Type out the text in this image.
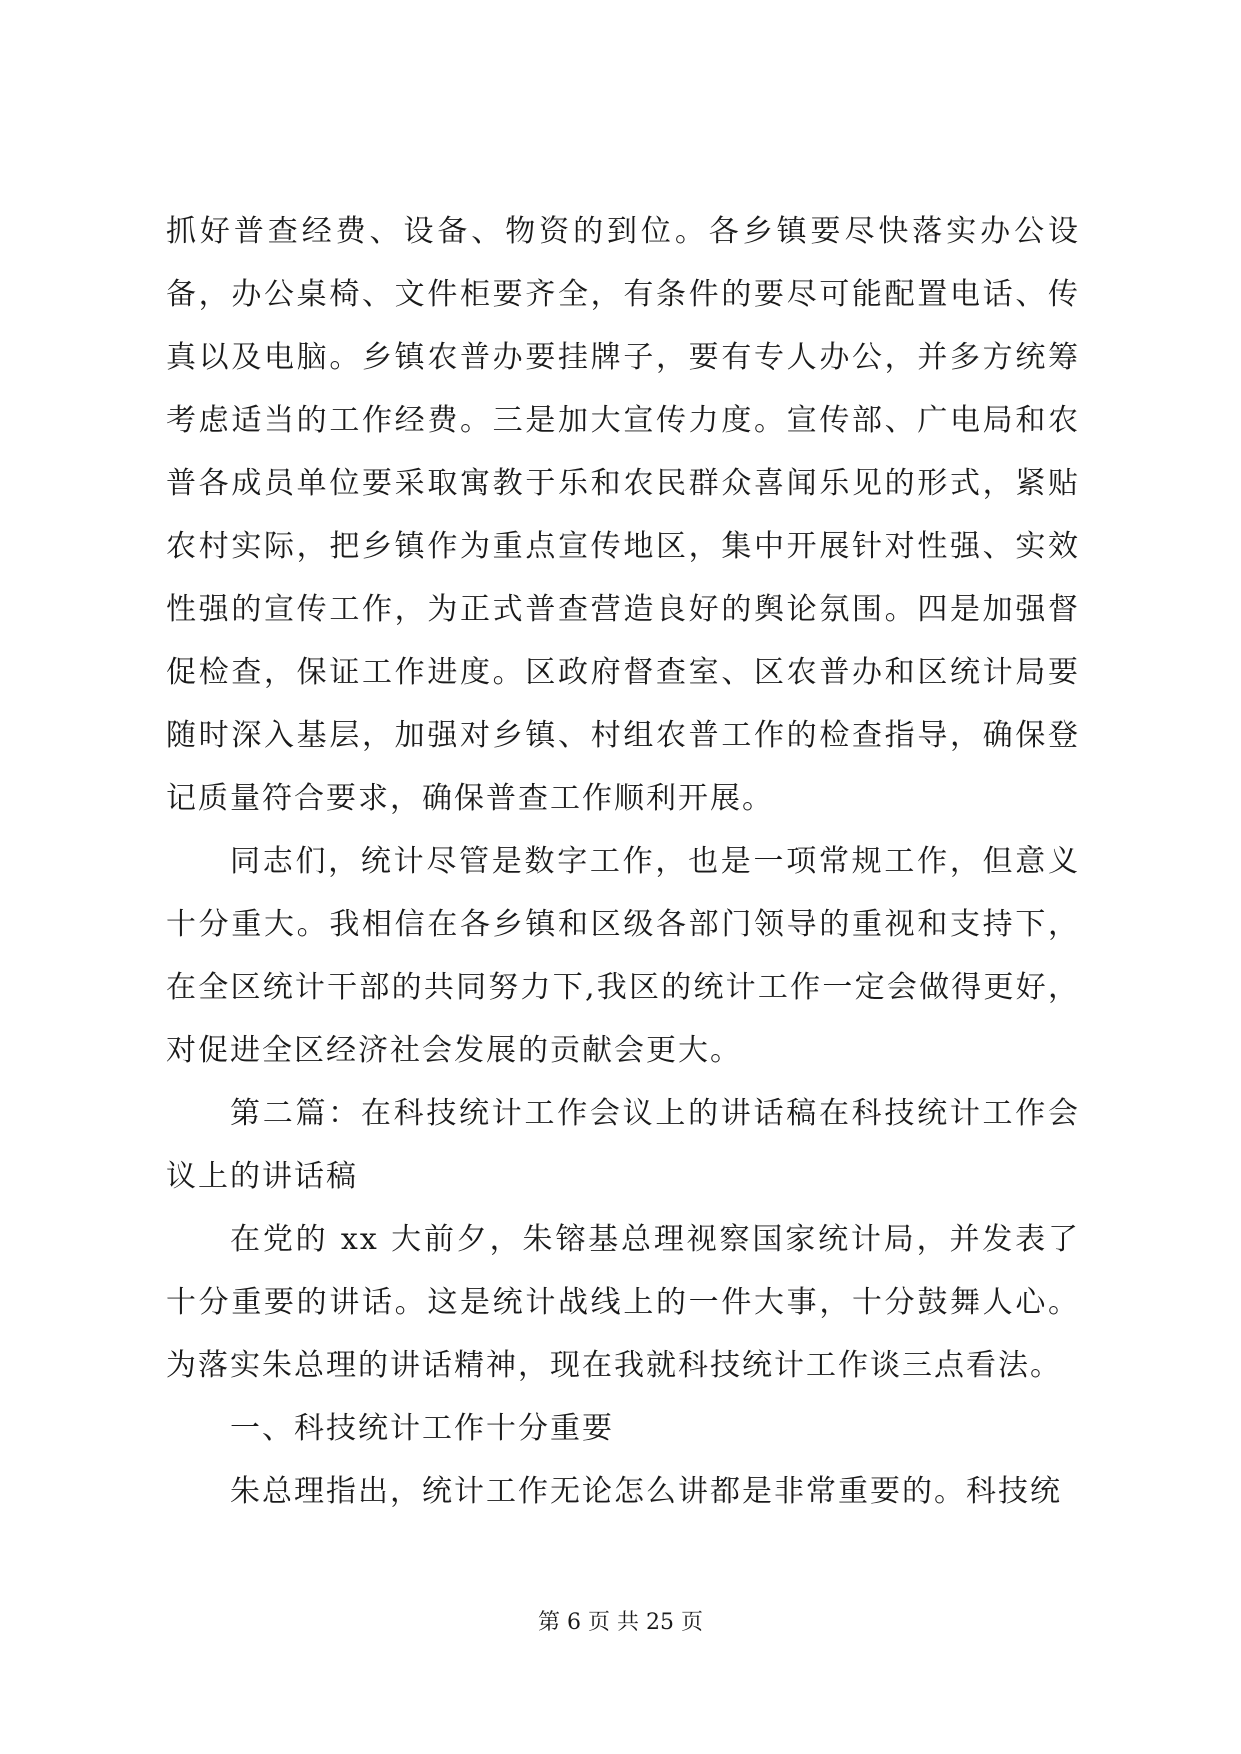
抓好普查经费、设备、物资的到位。各乡镇要尽快落实办公设备，办公桌椅、文件柜要齐全，有条件的要尽可能配置电话、传真以及电脑。乡镇农普办要挂牌子，要有专人办公，并多方统筹考虑适当的工作经费。三是加大宣传力度。宣传部、广电局和农普各成员单位要采取寓教于乐和农民群众喜闻乐见的形式，紧贴农村实际，把乡镇作为重点宣传地区，集中开展针对性强、实效性强的宣传工作，为正式普查营造良好的舆论氛围。四是加强督促检查，保证工作进度。区政府督查室、区农普办和区统计局要随时深入基层，加强对乡镇、村组农普工作的检查指导，确保登记质量符合要求，确保普查工作顺利开展。

同志们，统计尽管是数字工作，也是一项常规工作，但意义十分重大。我相信在各乡镇和区级各部门领导的重视和支持下，在全区统计干部的共同努力下,我区的统计工作一定会做得更好，对促进全区经济社会发展的贡献会更大。

第二篇：在科技统计工作会议上的讲话稿在科技统计工作会议上的讲话稿

在党的 xx 大前夕，朱镕基总理视察国家统计局，并发表了十分重要的讲话。这是统计战线上的一件大事，十分鼓舞人心。为落实朱总理的讲话精神，现在我就科技统计工作谈三点看法。

一、科技统计工作十分重要

朱总理指出，统计工作无论怎么讲都是非常重要的。科技统

第 6 页 共 25 页
